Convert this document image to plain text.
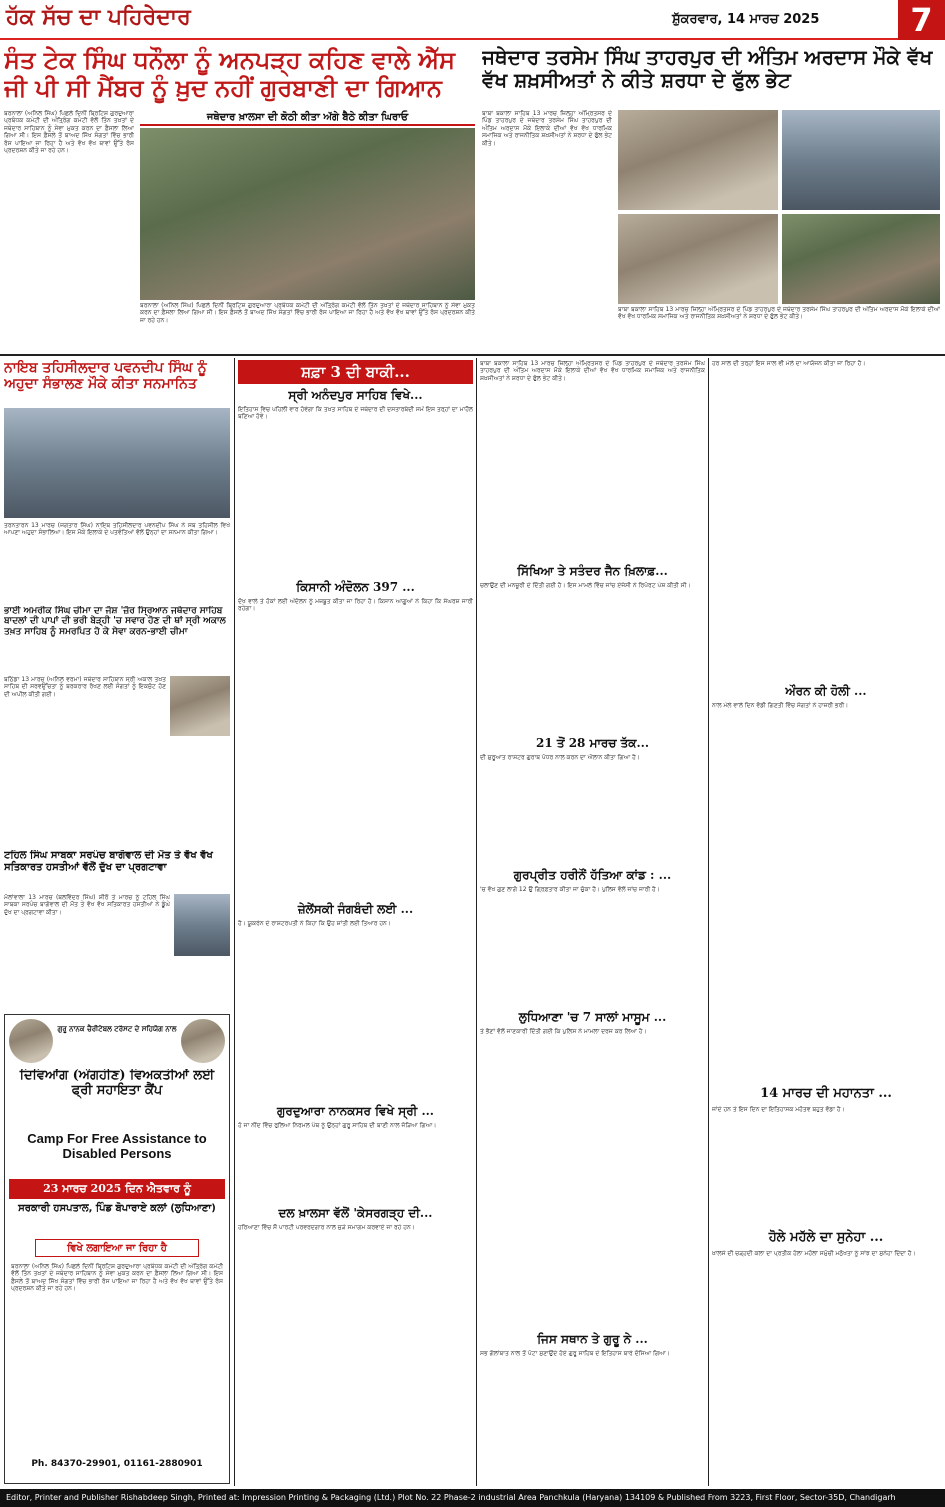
ਹੱਕ ਸੱਚ ਦਾ ਪਹਿਰੇਦਾਰ	ਸ਼ੁੱਕਰਵਾਰ, 14 ਮਾਰਚ 2025	7
ਸੰਤ ਟੇਕ ਸਿੰਘ ਧਨੌਲਾ ਨੂੰ ਅਨਪੜ੍ਹ ਕਹਿਣ ਵਾਲੇ ਐੱਸ ਜੀ ਪੀ ਸੀ ਮੈਂਬਰ ਨੂੰ ਖ਼ੁਦ ਨਹੀਂ ਗੁਰਬਾਣੀ ਦਾ ਗਿਆਨ
ਬਰਨਾਲਾ (ਅਨਿਲ ਸਿੰਘ) ਪਿਛਲੇ ਦਿਨੀਂ ਬ੍ਰਿਟਿਸ਼ ਗੁਰਦੁਆਰਾ ਪ੍ਰਬੰਧਕ ਕਮੇਟੀ ਦੀ ਅੰਤ੍ਰਿੰਗ ਕਮੇਟੀ ਵੱਲੋਂ ਤਿੰਨ ਤਖ਼ਤਾਂ ਦੇ ਜਥੇਦਾਰ ਸਾਹਿਬਾਨ ਨੂੰ ਸੇਵਾ ਮੁਕਤ ਕਰਨ ਦਾ ਫ਼ੈਸਲਾ ਲਿਆ ਗਿਆ ਸੀ। ਇਸ ਫ਼ੈਸਲੇ ਤੋਂ ਬਾਅਦ ਸਿੱਖ ਸੰਗਤਾਂ ਵਿੱਚ ਭਾਰੀ ਰੋਸ ਪਾਇਆ ਜਾ ਰਿਹਾ ਹੈ ਅਤੇ ਵੱਖ ਵੱਖ ਥਾਵਾਂ ਉੱਤੇ ਰੋਸ ਪ੍ਰਦਰਸ਼ਨ ਕੀਤੇ ਜਾ ਰਹੇ ਹਨ।
ਜਥੇਦਾਰ ਖ਼ਾਲਸਾ ਦੀ ਕੋਠੀ ਕੀਤਾ ਅੱਗੇ ਬੈਠੇ ਕੀਤਾ ਘਿਰਾਓ
ਬਰਨਾਲਾ (ਅਨਿਲ ਸਿੰਘ) ਪਿਛਲੇ ਦਿਨੀਂ ਬ੍ਰਿਟਿਸ਼ ਗੁਰਦੁਆਰਾ ਪ੍ਰਬੰਧਕ ਕਮੇਟੀ ਦੀ ਅੰਤ੍ਰਿੰਗ ਕਮੇਟੀ ਵੱਲੋਂ ਤਿੰਨ ਤਖ਼ਤਾਂ ਦੇ ਜਥੇਦਾਰ ਸਾਹਿਬਾਨ ਨੂੰ ਸੇਵਾ ਮੁਕਤ ਕਰਨ ਦਾ ਫ਼ੈਸਲਾ ਲਿਆ ਗਿਆ ਸੀ। ਇਸ ਫ਼ੈਸਲੇ ਤੋਂ ਬਾਅਦ ਸਿੱਖ ਸੰਗਤਾਂ ਵਿੱਚ ਭਾਰੀ ਰੋਸ ਪਾਇਆ ਜਾ ਰਿਹਾ ਹੈ ਅਤੇ ਵੱਖ ਵੱਖ ਥਾਵਾਂ ਉੱਤੇ ਰੋਸ ਪ੍ਰਦਰਸ਼ਨ ਕੀਤੇ ਜਾ ਰਹੇ ਹਨ।
ਜਥੇਦਾਰ ਤਰਸੇਮ ਸਿੰਘ ਤਾਹਰਪੁਰ ਦੀ ਅੰਤਿਮ ਅਰਦਾਸ ਮੌਕੇ ਵੱਖ ਵੱਖ ਸ਼ਖ਼ਸੀਅਤਾਂ ਨੇ ਕੀਤੇ ਸ਼ਰਧਾ ਦੇ ਫੁੱਲ ਭੇਟ
ਬਾਬਾ ਬਕਾਲਾ ਸਾਹਿਬ 13 ਮਾਰਚ ਜ਼ਿਲ੍ਹਾ ਅੰਮ੍ਰਿਤਸਰ ਦੇ ਪਿੰਡ ਤਾਹਰਪੁਰ ਦੇ ਜਥੇਦਾਰ ਤਰਸੇਮ ਸਿੰਘ ਤਾਹਰਪੁਰ ਦੀ ਅੰਤਿਮ ਅਰਦਾਸ ਮੌਕੇ ਇਲਾਕੇ ਦੀਆਂ ਵੱਖ ਵੱਖ ਧਾਰਮਿਕ ਸਮਾਜਿਕ ਅਤੇ ਰਾਜਨੀਤਿਕ ਸ਼ਖ਼ਸੀਅਤਾਂ ਨੇ ਸ਼ਰਧਾ ਦੇ ਫੁੱਲ ਭੇਟ ਕੀਤੇ।
ਬਾਬਾ ਬਕਾਲਾ ਸਾਹਿਬ 13 ਮਾਰਚ ਜ਼ਿਲ੍ਹਾ ਅੰਮ੍ਰਿਤਸਰ ਦੇ ਪਿੰਡ ਤਾਹਰਪੁਰ ਦੇ ਜਥੇਦਾਰ ਤਰਸੇਮ ਸਿੰਘ ਤਾਹਰਪੁਰ ਦੀ ਅੰਤਿਮ ਅਰਦਾਸ ਮੌਕੇ ਇਲਾਕੇ ਦੀਆਂ ਵੱਖ ਵੱਖ ਧਾਰਮਿਕ ਸਮਾਜਿਕ ਅਤੇ ਰਾਜਨੀਤਿਕ ਸ਼ਖ਼ਸੀਅਤਾਂ ਨੇ ਸ਼ਰਧਾ ਦੇ ਫੁੱਲ ਭੇਟ ਕੀਤੇ।
ਨਾਇਬ ਤਹਿਸੀਲਦਾਰ ਪਵਨਦੀਪ ਸਿੰਘ ਨੂੰ ਅਹੁਦਾ ਸੰਭਾਲਣ ਮੌਕੇ ਕੀਤਾ ਸਨਮਾਨਿਤ
ਤਰਨਤਾਰਨ 13 ਮਾਰਚ (ਜਗਤਾਰ ਸਿੰਘ) ਨਾਇਬ ਤਹਿਸੀਲਦਾਰ ਪਵਨਦੀਪ ਸਿੰਘ ਨੇ ਸਬ ਤਹਿਸੀਲ ਵਿਖੇ ਆਪਣਾ ਅਹੁਦਾ ਸੰਭਾਲਿਆ। ਇਸ ਮੌਕੇ ਇਲਾਕੇ ਦੇ ਪਤਵੰਤਿਆਂ ਵੱਲੋਂ ਉਨ੍ਹਾਂ ਦਾ ਸਨਮਾਨ ਕੀਤਾ ਗਿਆ।
ਭਾਈ ਅਮਰੀਕ ਸਿੰਘ ਚੀਮਾ ਦਾ ਜੋਸ਼ 'ਜ਼ੋਰ ਸ੍ਰਿਆਨ ਜਥੇਦਾਰ ਸਾਹਿਬ ਬਾਦਲਾਂ ਦੀ ਪਾਪਾਂ ਦੀ ਭਰੀ ਬੇੜ੍ਹੀ 'ਚ ਸਵਾਰ ਹੋਣ ਦੀ ਥਾਂ ਸ੍ਰੀ ਅਕਾਲ ਤਖ਼ਤ ਸਾਹਿਬ ਨੂੰ ਸਮਰਪਿਤ ਹੋ ਕੇ ਸੇਵਾ ਕਰਨ-ਭਾਈ ਚੀਮਾ
ਬਠਿੰਡਾ 13 ਮਾਰਚ (ਅਨਿਲ ਵਰਮਾ) ਜਥੇਦਾਰ ਸਾਹਿਬਾਨ ਸ੍ਰੀ ਅਕਾਲ ਤਖ਼ਤ ਸਾਹਿਬ ਦੀ ਸਰਵਉੱਚਤਾ ਨੂੰ ਬਰਕਰਾਰ ਰੱਖਣ ਲਈ ਸੰਗਤਾਂ ਨੂੰ ਇਕਜੁੱਟ ਹੋਣ ਦੀ ਅਪੀਲ ਕੀਤੀ ਗਈ।
ਟਹਿਲ ਸਿੰਘ ਸਾਬਕਾ ਸਰਪੰਚ ਬਾਗੋਵਾਲ ਦੀ ਮੌਤ ਤੇ ਵੱਖ ਵੱਖ ਸਤਿਕਾਰਤ ਹਸਤੀਆਂ ਵੱਲੋਂ ਦੁੱਖ ਦਾ ਪ੍ਰਗਟਾਵਾ
ਮੱਲਾਂਵਾਲਾ 13 ਮਾਰਚ (ਬਲਵਿੰਦਰ ਸਿੰਘ) ਸ਼ੀਰੋਂ ਤੇ ਮਾਰਚ ਨੂੰ ਟਹਿਲ ਸਿੰਘ ਸਾਬਕਾ ਸਰਪੰਚ ਬਾਗੋਵਾਲ ਦੀ ਮੌਤ ਤੇ ਵੱਖ ਵੱਖ ਸਤਿਕਾਰਤ ਹਸਤੀਆਂ ਨੇ ਡੂੰਘੇ ਦੁੱਖ ਦਾ ਪ੍ਰਗਟਾਵਾ ਕੀਤਾ।
ਗੁਰੂ ਨਾਨਕ ਚੈਰੀਟੇਬਲ ਟਰੱਸਟ ਦੇ ਸਹਿਯੋਗ ਨਾਲ
ਦਿਵਿਆਂਗ (ਅੰਗਹੀਣ) ਵਿਅਕਤੀਆਂ ਲਈ ਫ੍ਰੀ ਸਹਾਇਤਾ ਕੈਂਪ
Camp For Free Assistance to Disabled Persons
23 ਮਾਰਚ 2025 ਦਿਨ ਐਤਵਾਰ ਨੂੰ
ਸਰਕਾਰੀ ਹਸਪਤਾਲ, ਪਿੰਡ ਬੋਪਾਰਾਏ ਕਲਾਂ (ਲੁਧਿਆਣਾ)
ਵਿਖੇ ਲਗਾਇਆ ਜਾ ਰਿਹਾ ਹੈ
ਬਰਨਾਲਾ (ਅਨਿਲ ਸਿੰਘ) ਪਿਛਲੇ ਦਿਨੀਂ ਬ੍ਰਿਟਿਸ਼ ਗੁਰਦੁਆਰਾ ਪ੍ਰਬੰਧਕ ਕਮੇਟੀ ਦੀ ਅੰਤ੍ਰਿੰਗ ਕਮੇਟੀ ਵੱਲੋਂ ਤਿੰਨ ਤਖ਼ਤਾਂ ਦੇ ਜਥੇਦਾਰ ਸਾਹਿਬਾਨ ਨੂੰ ਸੇਵਾ ਮੁਕਤ ਕਰਨ ਦਾ ਫ਼ੈਸਲਾ ਲਿਆ ਗਿਆ ਸੀ। ਇਸ ਫ਼ੈਸਲੇ ਤੋਂ ਬਾਅਦ ਸਿੱਖ ਸੰਗਤਾਂ ਵਿੱਚ ਭਾਰੀ ਰੋਸ ਪਾਇਆ ਜਾ ਰਿਹਾ ਹੈ ਅਤੇ ਵੱਖ ਵੱਖ ਥਾਵਾਂ ਉੱਤੇ ਰੋਸ ਪ੍ਰਦਰਸ਼ਨ ਕੀਤੇ ਜਾ ਰਹੇ ਹਨ।
Ph. 84370-29901, 01161-2880901
ਸ਼ਫ਼ਾ 3 ਦੀ ਬਾਕੀ...
ਸ੍ਰੀ ਅਨੰਦਪੁਰ ਸਾਹਿਬ ਵਿਖੇ...
ਇਤਿਹਾਸ ਵਿਚ ਪਹਿਲੀ ਵਾਰ ਹੋਵੇਗਾ ਕਿ ਤਖ਼ਤ ਸਾਹਿਬ ਦੇ ਜਥੇਦਾਰ ਦੀ ਦਸਤਾਰਬੰਦੀ ਸਮੇਂ ਇਸ ਤਰ੍ਹਾਂ ਦਾ ਮਾਹੌਲ ਬਣਿਆ ਹੋਵੇ।
ਕਿਸਾਨੀ ਅੰਦੋਲਨ 397 ...
ਦੱਖ ਵਾਲੇ ਤੇ ਹੱਕਾਂ ਲਈ ਅੰਦੋਲਨ ਨੂੰ ਮਜ਼ਬੂਤ ਕੀਤਾ ਜਾ ਰਿਹਾ ਹੈ। ਕਿਸਾਨ ਆਗੂਆਂ ਨੇ ਕਿਹਾ ਕਿ ਸੰਘਰਸ਼ ਜਾਰੀ ਰਹੇਗਾ।
ਜ਼ੇਲੇਂਸਕੀ ਜੰਗਬੰਦੀ ਲਈ ...
ਹੈ। ਯੂਕਰੇਨ ਦੇ ਰਾਸ਼ਟਰਪਤੀ ਨੇ ਕਿਹਾ ਕਿ ਉਹ ਸ਼ਾਂਤੀ ਲਈ ਤਿਆਰ ਹਨ।
ਗੁਰਦੁਆਰਾ ਨਾਨਕਸਰ ਵਿਖੇ ਸ੍ਰੀ ...
ਹੋ ਜਾ ਨੀਂਦ ਵਿੱਚ ਰੁਲਿਆ ਨਿਰਮਲ ਪੰਥ ਨੂੰ ਉਨ੍ਹਾਂ ਗੁਰੂ ਸਾਹਿਬ ਦੀ ਬਾਣੀ ਨਾਲ ਜੋੜਿਆ ਗਿਆ।
ਦਲ ਖ਼ਾਲਸਾ ਵੱਲੋਂ 'ਕੇਸਰਗੜ੍ਹ ਦੀ...
ਹਰਿਆਣਾ ਵਿੱਚ ਸੌ ਪਾਰਟੀ ਪਰਵਰਦਗਾਰ ਨਾਲ ਜੁੜੇ ਸਮਾਗਮ ਕਰਵਾਏ ਜਾ ਰਹੇ ਹਨ।
ਬਾਬਾ ਬਕਾਲਾ ਸਾਹਿਬ 13 ਮਾਰਚ ਜ਼ਿਲ੍ਹਾ ਅੰਮ੍ਰਿਤਸਰ ਦੇ ਪਿੰਡ ਤਾਹਰਪੁਰ ਦੇ ਜਥੇਦਾਰ ਤਰਸੇਮ ਸਿੰਘ ਤਾਹਰਪੁਰ ਦੀ ਅੰਤਿਮ ਅਰਦਾਸ ਮੌਕੇ ਇਲਾਕੇ ਦੀਆਂ ਵੱਖ ਵੱਖ ਧਾਰਮਿਕ ਸਮਾਜਿਕ ਅਤੇ ਰਾਜਨੀਤਿਕ ਸ਼ਖ਼ਸੀਅਤਾਂ ਨੇ ਸ਼ਰਧਾ ਦੇ ਫੁੱਲ ਭੇਟ ਕੀਤੇ।
ਸਿੱਖਿਆ ਤੇ ਸਤੰਦਰ ਜੈਨ ਖ਼ਿਲਾਫ਼...
ਚਲਾਉਣ ਦੀ ਮਨਜ਼ੂਰੀ ਦੇ ਦਿੱਤੀ ਗਈ ਹੈ। ਇਸ ਮਾਮਲੇ ਵਿੱਚ ਜਾਂਚ ਏਜੰਸੀ ਨੇ ਰਿਪੋਰਟ ਪੇਸ਼ ਕੀਤੀ ਸੀ।
21 ਤੋਂ 28 ਮਾਰਚ ਤੱਕ...
ਦੀ ਸ਼ੁਰੂਆਤ ਰਾਸ਼ਟਰ ਗੁਰਾਬ ਪੱਧਰ ਨਾਲ ਕਰਨ ਦਾ ਐਲਾਨ ਕੀਤਾ ਗਿਆ ਹੈ।
ਗੁਰਪ੍ਰੀਤ ਹਰੀਨੌਂ ਹੱਤਿਆ ਕਾਂਡ : ...
'ਚ ਵੱਖ ਗੁਣ ਲਾਗੋ 12 ਉ ਗ੍ਰਿਫ਼ਤਾਰ ਕੀਤਾ ਜਾ ਚੁੱਕਾ ਹੈ। ਪੁਲਿਸ ਵੱਲੋਂ ਜਾਂਚ ਜਾਰੀ ਹੈ।
ਲੁਧਿਆਣਾ 'ਚ 7 ਸਾਲਾਂ ਮਾਸੂਮ ...
ਤੇ ਭੈਣਾਂ ਵੱਲੋਂ ਜਾਣਕਾਰੀ ਦਿੱਤੀ ਗਈ ਕਿ ਪੁਲਿਸ ਨੇ ਮਾਮਲਾ ਦਰਜ ਕਰ ਲਿਆ ਹੈ।
ਜਿਸ ਸਥਾਨ ਤੇ ਗੁਰੂ ਨੇ ...
ਸਭ ਗੱਲਾਂਬਾਤ ਨਾਲ ਤੋਂ ਪੋਟਾ ਸੁਣਾਉਂਦੇ ਹੋਏ ਗੁਰੂ ਸਾਹਿਬ ਦੇ ਇਤਿਹਾਸ ਬਾਰੇ ਦੱਸਿਆ ਗਿਆ।
ਹਰ ਸਾਲ ਦੀ ਤਰ੍ਹਾਂ ਇਸ ਸਾਲ ਵੀ ਮੇਲੇ ਦਾ ਆਯੋਜਨ ਕੀਤਾ ਜਾ ਰਿਹਾ ਹੈ।
ਔਰਨ ਕੀ ਹੋਲੀ ...
ਨਾਲ ਮੇਲੇ ਵਾਲੇ ਦਿਨ ਵੱਡੀ ਗਿਣਤੀ ਵਿੱਚ ਸੰਗਤਾਂ ਨੇ ਹਾਜ਼ਰੀ ਭਰੀ।
14 ਮਾਰਚ ਦੀ ਮਹਾਨਤਾ ...
ਜਾਂਦੇ ਹਨ ਤੇ ਇਸ ਦਿਨ ਦਾ ਇਤਿਹਾਸਕ ਮਹੱਤਵ ਬਹੁਤ ਵੱਡਾ ਹੈ।
ਹੋਲੇ ਮਹੱਲੇ ਦਾ ਸੁਨੇਹਾ ...
ਖ਼ਾਲਸੇ ਦੀ ਚੜ੍ਹਦੀ ਕਲਾ ਦਾ ਪ੍ਰਤੀਕ ਹੋਲਾ ਮਹੱਲਾ ਸਮੁੱਚੀ ਮਨੁੱਖਤਾ ਨੂੰ ਸਾਂਝ ਦਾ ਸੁਨੇਹਾ ਦਿੰਦਾ ਹੈ।
Editor, Printer and Publisher Rishabdeep Singh, Printed at: Impression Printing & Packaging (Ltd.) Plot No. 22 Phase-2 industrial Area Panchkula (Haryana) 134109 & Published From 3223, First Floor, Sector-35D, Chandigarh
